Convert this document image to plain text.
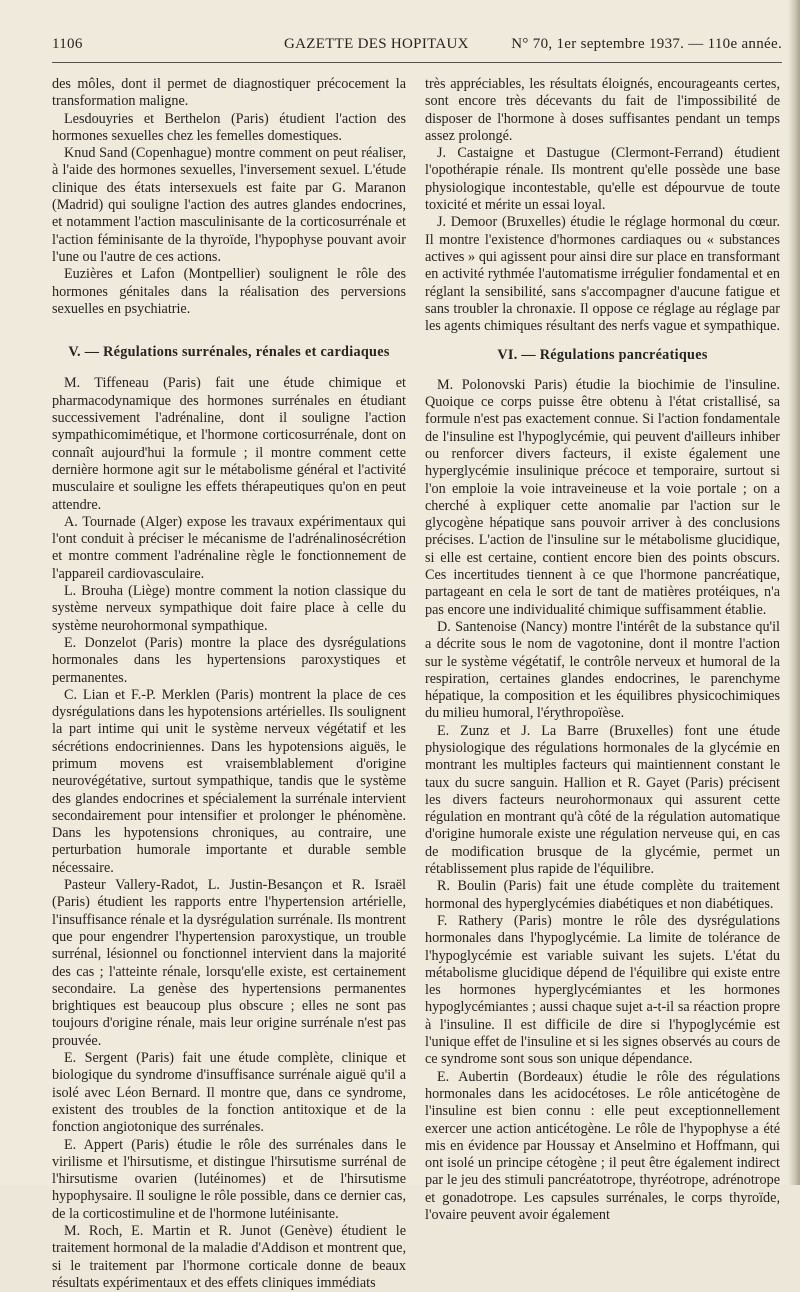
1106	GAZETTE DES HOPITAUX	N° 70, 1er septembre 1937. — 110e année.

des môles, dont il permet de diagnostiquer précocement la transformation maligne.

Lesdouyries et Berthelon (Paris) étudient l'action des hormones sexuelles chez les femelles domestiques.

Knud Sand (Copenhague) montre comment on peut réaliser, à l'aide des hormones sexuelles, l'inversement sexuel. L'étude clinique des états intersexuels est faite par G. Maranon (Madrid) qui souligne l'action des autres glandes endocrines, et notamment l'action masculinisante de la corticosurrénale et l'action féminisante de la thyroïde, l'hypophyse pouvant avoir l'une ou l'autre de ces actions.

Euzières et Lafon (Montpellier) soulignent le rôle des hormones génitales dans la réalisation des perversions sexuelles en psychiatrie.

V. — Régulations surrénales, rénales et cardiaques

M. Tiffeneau (Paris) fait une étude chimique et pharmacodynamique des hormones surrénales en étudiant successivement l'adrénaline, dont il souligne l'action sympathicomimétique, et l'hormone corticosurrénale, dont on connaît aujourd'hui la formule ; il montre comment cette dernière hormone agit sur le métabolisme général et l'activité musculaire et souligne les effets thérapeutiques qu'on en peut attendre.

A. Tournade (Alger) expose les travaux expérimentaux qui l'ont conduit à préciser le mécanisme de l'adrénalinosécrétion et montre comment l'adrénaline règle le fonctionnement de l'appareil cardiovasculaire.

L. Brouha (Liège) montre comment la notion classique du système nerveux sympathique doit faire place à celle du système neurohormonal sympathique.

E. Donzelot (Paris) montre la place des dysrégulations hormonales dans les hypertensions paroxystiques et permanentes.

C. Lian et F.-P. Merklen (Paris) montrent la place de ces dysrégulations dans les hypotensions artérielles. Ils soulignent la part intime qui unit le système nerveux végétatif et les sécrétions endocriniennes. Dans les hypotensions aiguës, le primum movens est vraisemblablement d'origine neurovégétative, surtout sympathique, tandis que le système des glandes endocrines et spécialement la surrénale intervient secondairement pour intensifier et prolonger le phénomène. Dans les hypotensions chroniques, au contraire, une perturbation humorale importante et durable semble nécessaire.

Pasteur Vallery-Radot, L. Justin-Besançon et R. Israël (Paris) étudient les rapports entre l'hypertension artérielle, l'insuffisance rénale et la dysrégulation surrénale. Ils montrent que pour engendrer l'hypertension paroxystique, un trouble surrénal, lésionnel ou fonctionnel intervient dans la majorité des cas ; l'atteinte rénale, lorsqu'elle existe, est certainement secondaire. La genèse des hypertensions permanentes brightiques est beaucoup plus obscure ; elles ne sont pas toujours d'origine rénale, mais leur origine surrénale n'est pas prouvée.

E. Sergent (Paris) fait une étude complète, clinique et biologique du syndrome d'insuffisance surrénale aiguë qu'il a isolé avec Léon Bernard. Il montre que, dans ce syndrome, existent des troubles de la fonction antitoxique et de la fonction angiotonique des surrénales.

E. Appert (Paris) étudie le rôle des surrénales dans le virilisme et l'hirsutisme, et distingue l'hirsutisme surrénal de l'hirsutisme ovarien (lutéinomes) et de l'hirsutisme hypophysaire. Il souligne le rôle possible, dans ce dernier cas, de la corticostimuline et de l'hormone lutéinisante.

M. Roch, E. Martin et R. Junot (Genève) étudient le traitement hormonal de la maladie d'Addison et montrent que, si le traitement par l'hormone corticale donne de beaux résultats expérimentaux et des effets cliniques immédiats

très appréciables, les résultats éloignés, encourageants certes, sont encore très décevants du fait de l'impossibilité de disposer de l'hormone à doses suffisantes pendant un temps assez prolongé.

J. Castaigne et Dastugue (Clermont-Ferrand) étudient l'opothérapie rénale. Ils montrent qu'elle possède une base physiologique incontestable, qu'elle est dépourvue de toute toxicité et mérite un essai loyal.

J. Demoor (Bruxelles) étudie le réglage hormonal du cœur. Il montre l'existence d'hormones cardiaques ou « substances actives » qui agissent pour ainsi dire sur place en transformant en activité rythmée l'automatisme irrégulier fondamental et en réglant la sensibilité, sans s'accompagner d'aucune fatigue et sans troubler la chronaxie. Il oppose ce réglage au réglage par les agents chimiques résultant des nerfs vague et sympathique.

VI. — Régulations pancréatiques

M. Polonovski Paris) étudie la biochimie de l'insuline. Quoique ce corps puisse être obtenu à l'état cristallisé, sa formule n'est pas exactement connue. Si l'action fondamentale de l'insuline est l'hypoglycémie, qui peuvent d'ailleurs inhiber ou renforcer divers facteurs, il existe également une hyperglycémie insulinique précoce et temporaire, surtout si l'on emploie la voie intraveineuse et la voie portale ; on a cherché à expliquer cette anomalie par l'action sur le glycogène hépatique sans pouvoir arriver à des conclusions précises. L'action de l'insuline sur le métabolisme glucidique, si elle est certaine, contient encore bien des points obscurs. Ces incertitudes tiennent à ce que l'hormone pancréatique, partageant en cela le sort de tant de matières protéiques, n'a pas encore une individualité chimique suffisamment établie.

D. Santenoise (Nancy) montre l'intérêt de la substance qu'il a décrite sous le nom de vagotonine, dont il montre l'action sur le système végétatif, le contrôle nerveux et humoral de la respiration, certaines glandes endocrines, le parenchyme hépatique, la composition et les équilibres physicochimiques du milieu humoral, l'érythropoïèse.

E. Zunz et J. La Barre (Bruxelles) font une étude physiologique des régulations hormonales de la glycémie en montrant les multiples facteurs qui maintiennent constant le taux du sucre sanguin. Hallion et R. Gayet (Paris) précisent les divers facteurs neurohormonaux qui assurent cette régulation en montrant qu'à côté de la régulation automatique d'origine humorale existe une régulation nerveuse qui, en cas de modification brusque de la glycémie, permet un rétablissement plus rapide de l'équilibre.

R. Boulin (Paris) fait une étude complète du traitement hormonal des hyperglycémies diabétiques et non diabétiques.

F. Rathery (Paris) montre le rôle des dysrégulations hormonales dans l'hypoglycémie. La limite de tolérance de l'hypoglycémie est variable suivant les sujets. L'état du métabolisme glucidique dépend de l'équilibre qui existe entre les hormones hyperglycémiantes et les hormones hypoglycémiantes ; aussi chaque sujet a-t-il sa réaction propre à l'insuline. Il est difficile de dire si l'hypoglycémie est l'unique effet de l'insuline et si les signes observés au cours de ce syndrome sont sous son unique dépendance.

E. Aubertin (Bordeaux) étudie le rôle des régulations hormonales dans les acidocétoses. Le rôle anticétogène de l'insuline est bien connu : elle peut exceptionnellement exercer une action anticétogène. Le rôle de l'hypophyse a été mis en évidence par Houssay et Anselmino et Hoffmann, qui ont isolé un principe cétogène ; il peut être également indirect par le jeu des stimuli pancréatotrope, thyréotrope, adrénotrope et gonadotrope. Les capsules surrénales, le corps thyroïde, l'ovaire peuvent avoir également
